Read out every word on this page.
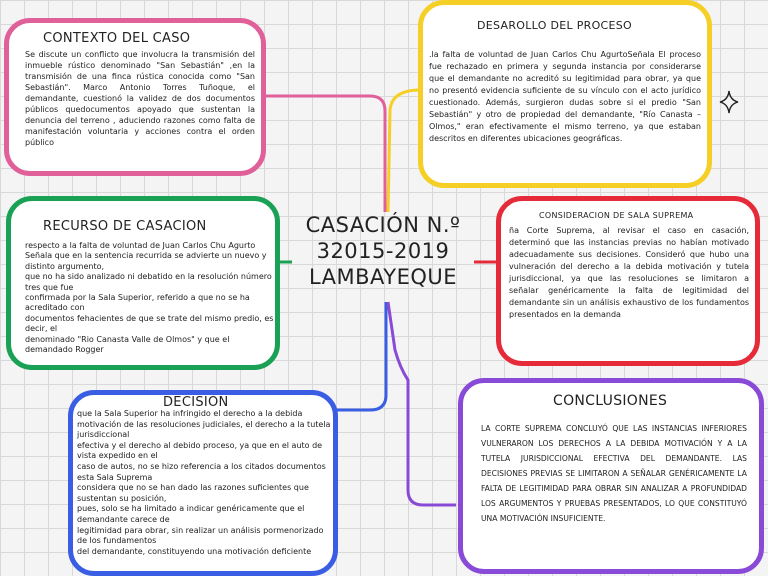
CONTEXTO DEL CASO

Se discute un conflicto que involucra la transmisión del inmueble rústico denominado "San Sebastián" ,en la transmisión de una finca rústica conocida como "San Sebastián". Marco Antonio Torres Tuñoque, el demandante, cuestionó la validez de dos documentos públicos quedocumentos apoyado que sustentan la denuncia del terreno , aduciendo razones como falta de manifestación voluntaria y acciones contra el orden público

DESAROLLO DEL PROCESO

.la falta de voluntad de Juan Carlos Chu AgurtoSeñala El proceso fue rechazado en primera y segunda instancia por considerarse que el demandante no acreditó su legitimidad para obrar, ya que no presentó evidencia suficiente de su vínculo con el acto jurídico cuestionado. Además, surgieron dudas sobre si el predio "San Sebastián" y otro de propiedad del demandante, "Río Canasta – Olmos," eran efectivamente el mismo terreno, ya que estaban descritos en diferentes ubicaciones geográficas.

RECURSO DE CASACION

respecto a la falta de voluntad de Juan Carlos Chu Agurto

Señala que en la sentencia recurrida se advierte un nuevo y distinto argumento,

que no ha sido analizado ni debatido en la resolución número tres que fue

confirmada por la Sala Superior, referido a que no se ha acreditado con

documentos fehacientes de que se trate del mismo predio, es decir, el

denominado "Rio Canasta Valle de Olmos" y que el demandado Rogger

CASACIÓN N.º
32015-2019
LAMBAYEQUE
CONSIDERACION DE SALA SUPREMA

ña Corte Suprema, al revisar el caso en casación, determinó que las instancias previas no habían motivado adecuadamente sus decisiones. Consideró que hubo una vulneración del derecho a la debida motivación y tutela jurisdiccional, ya que las resoluciones se limitaron a señalar genéricamente la falta de legitimidad del demandante sin un análisis exhaustivo de los fundamentos presentados en la demanda

DECISION

que la Sala Superior ha infringido el derecho a la debida

motivación de las resoluciones judiciales, el derecho a la tutela jurisdiccional

efectiva y el derecho al debido proceso, ya que en el auto de vista expedido en el

caso de autos, no se hizo referencia a los citados documentos esta Sala Suprema

considera que no se han dado las razones suficientes que sustentan su posición,

pues, solo se ha limitado a indicar genéricamente que el demandante carece de

legitimidad para obrar, sin realizar un análisis pormenorizado de los fundamentos

del demandante, constituyendo una motivación deficiente

CONCLUSIONES

LA CORTE SUPREMA CONCLUYÓ QUE LAS INSTANCIAS INFERIORES VULNERARON LOS DERECHOS A LA DEBIDA MOTIVACIÓN Y A LA TUTELA JURISDICCIONAL EFECTIVA DEL DEMANDANTE. LAS DECISIONES PREVIAS SE LIMITARON A SEÑALAR GENÉRICAMENTE LA FALTA DE LEGITIMIDAD PARA OBRAR SIN ANALIZAR A PROFUNDIDAD LOS ARGUMENTOS Y PRUEBAS PRESENTADOS, LO QUE CONSTITUYÓ UNA MOTIVACIÓN INSUFICIENTE.
